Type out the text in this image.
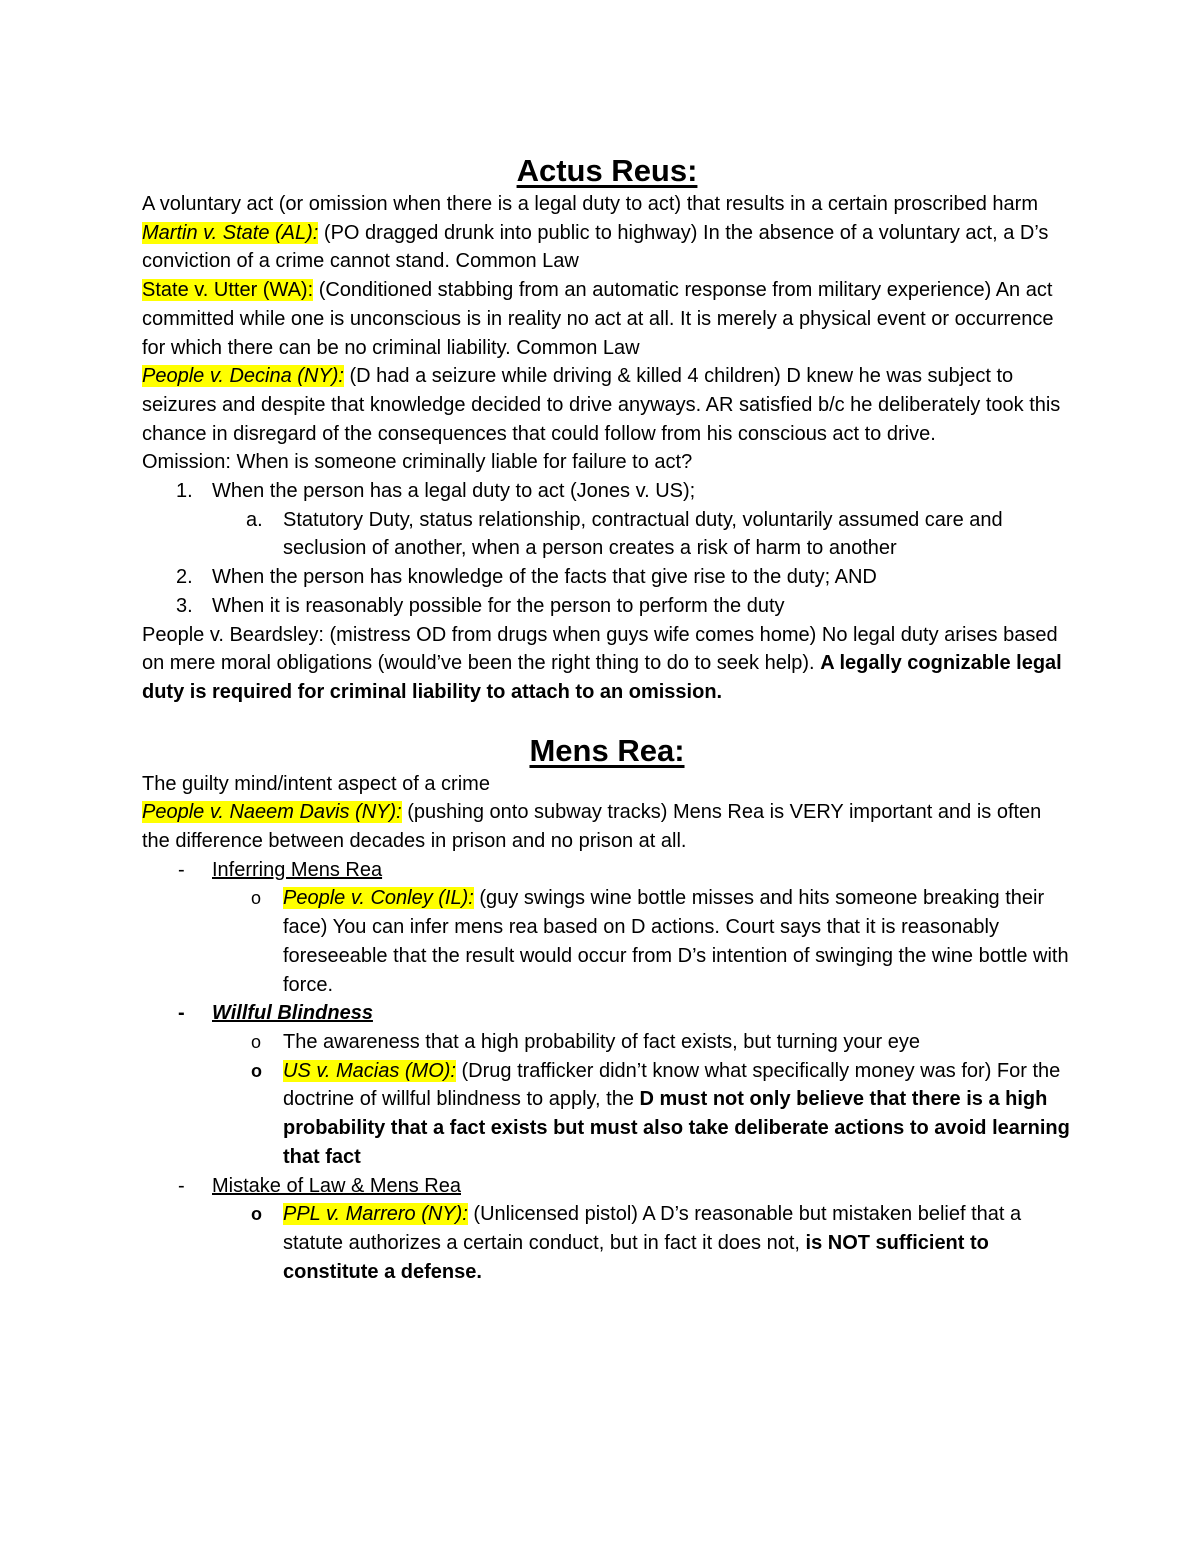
Actus Reus:

A voluntary act (or omission when there is a legal duty to act) that results in a certain proscribed harm

Martin v. State (AL): (PO dragged drunk into public to highway) In the absence of a voluntary act, a D’s conviction of a crime cannot stand. Common Law

State v. Utter (WA): (Conditioned stabbing from an automatic response from military experience) An act committed while one is unconscious is in reality no act at all. It is merely a physical event or occurrence for which there can be no criminal liability. Common Law

People v. Decina (NY): (D had a seizure while driving & killed 4 children) D knew he was subject to seizures and despite that knowledge decided to drive anyways. AR satisfied b/c he deliberately took this chance in disregard of the consequences that could follow from his conscious act to drive.

Omission: When is someone criminally liable for failure to act?

1. When the person has a legal duty to act (Jones v. US);

a.	Statutory Duty, status relationship, contractual duty, voluntarily assumed care and seclusion of another, when a person creates a risk of harm to another

2. When the person has knowledge of the facts that give rise to the duty; AND

3. When it is reasonably possible for the person to perform the duty

People v. Beardsley: (mistress OD from drugs when guys wife comes home) No legal duty arises based on mere moral obligations (would’ve been the right thing to do to seek help). A legally cognizable legal duty is required for criminal liability to attach to an omission.

Mens Rea:

The guilty mind/intent aspect of a crime

People v. Naeem Davis (NY): (pushing onto subway tracks) Mens Rea is VERY important and is often the difference between decades in prison and no prison at all.

-	Inferring Mens Rea

o	People v. Conley (IL): (guy swings wine bottle misses and hits someone breaking their face) You can infer mens rea based on D actions. Court says that it is reasonably foreseeable that the result would occur from D’s intention of swinging the wine bottle with force.

-	Willful Blindness

o	The awareness that a high probability of fact exists, but turning your eye

o	US v. Macias (MO): (Drug trafficker didn’t know what specifically money was for) For the doctrine of willful blindness to apply, the D must not only believe that there is a high probability that a fact exists but must also take deliberate actions to avoid learning that fact

-	Mistake of Law & Mens Rea

o	PPL v. Marrero (NY): (Unlicensed pistol) A D’s reasonable but mistaken belief that a statute authorizes a certain conduct, but in fact it does not, is NOT sufficient to constitute a defense.
